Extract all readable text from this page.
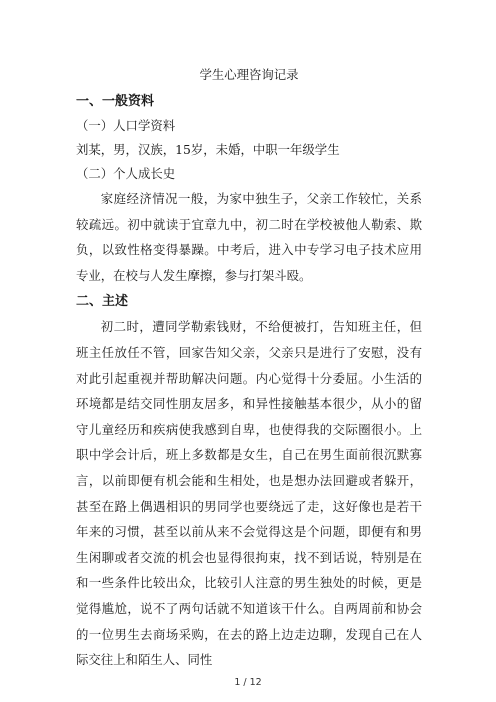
学生心理咨询记录

一、一般资料

（一）人口学资料

刘某，男，汉族，15岁，未婚，中职一年级学生

（二）个人成长史

家庭经济情况一般，为家中独生子，父亲工作较忙，关系较疏远。初中就读于宜章九中，初二时在学校被他人勒索、欺负，以致性格变得暴躁。中考后，进入中专学习电子技术应用专业，在校与人发生摩擦，参与打架斗殴。

二、主述

初二时，遭同学勒索钱财，不给便被打，告知班主任，但班主任放任不管，回家告知父亲，父亲只是进行了安慰，没有对此引起重视并帮助解决问题。内心觉得十分委屈。小生活的环境都是结交同性朋友居多，和异性接触基本很少，从小的留守儿童经历和疾病使我感到自卑，也使得我的交际圈很小。上职中学会计后，班上多数都是女生，自己在男生面前很沉默寡言，以前即便有机会能和生相处，也是想办法回避或者躲开，甚至在路上偶遇相识的男同学也要绕远了走，这好像也是若干年来的习惯，甚至以前从来不会觉得这是个问题，即便有和男生闲聊或者交流的机会也显得很拘束，找不到话说，特别是在和一些条件比较出众，比较引人注意的男生独处的时候，更是觉得尴尬，说不了两句话就不知道该干什么。自两周前和协会的一位男生去商场采购，在去的路上边走边聊，发现自己在人际交往上和陌生人、同性

1 / 12
